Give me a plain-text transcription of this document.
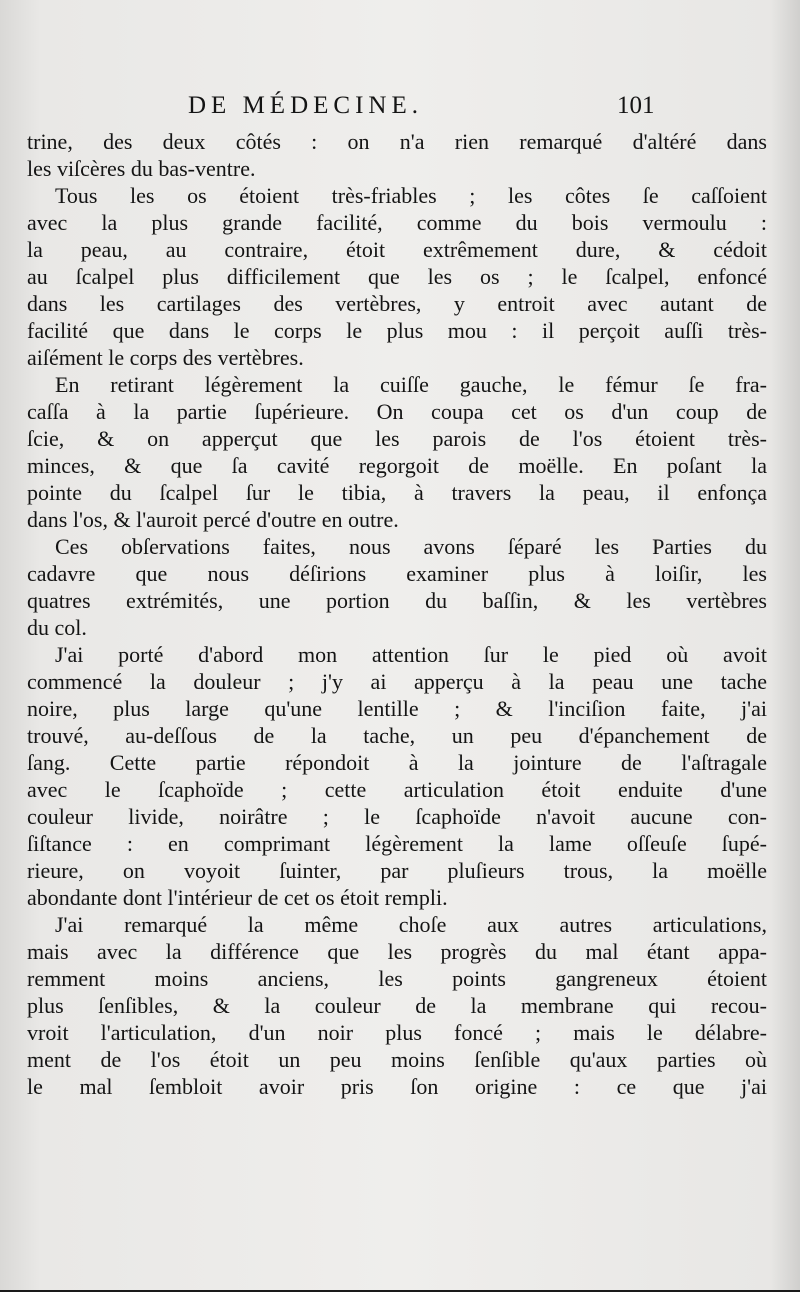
DE MÉDECINE.	101
trine, des deux côtés : on n'a rien remarqué d'altéré dans
les viſcères du bas-ventre.
Tous les os étoient très-friables ; les côtes ſe caſſoient
avec la plus grande facilité, comme du bois vermoulu :
la peau, au contraire, étoit extrêmement dure, & cédoit
au ſcalpel plus difficilement que les os ; le ſcalpel, enfoncé
dans les cartilages des vertèbres, y entroit avec autant de
facilité que dans le corps le plus mou : il perçoit auſſi très-
aiſément le corps des vertèbres.
En retirant légèrement la cuiſſe gauche, le fémur ſe fra-
caſſa à la partie ſupérieure. On coupa cet os d'un coup de
ſcie, & on apperçut que les parois de l'os étoient très-
minces, & que ſa cavité regorgoit de moëlle. En poſant la
pointe du ſcalpel ſur le tibia, à travers la peau, il enfonça
dans l'os, & l'auroit percé d'outre en outre.
Ces obſervations faites, nous avons ſéparé les Parties du
cadavre que nous déſirions examiner plus à loiſir, les
quatres extrémités, une portion du baſſin, & les vertèbres
du col.
J'ai porté d'abord mon attention ſur le pied où avoit
commencé la douleur ; j'y ai apperçu à la peau une tache
noire, plus large qu'une lentille ; & l'inciſion faite, j'ai
trouvé, au-deſſous de la tache, un peu d'épanchement de
ſang. Cette partie répondoit à la jointure de l'aſtragale
avec le ſcaphoïde ; cette articulation étoit enduite d'une
couleur livide, noirâtre ; le ſcaphoïde n'avoit aucune con-
ſiſtance : en comprimant légèrement la lame oſſeuſe ſupé-
rieure, on voyoit ſuinter, par pluſieurs trous, la moëlle
abondante dont l'intérieur de cet os étoit rempli.
J'ai remarqué la même choſe aux autres articulations,
mais avec la différence que les progrès du mal étant appa-
remment moins anciens, les points gangreneux étoient
plus ſenſibles, & la couleur de la membrane qui recou-
vroit l'articulation, d'un noir plus foncé ; mais le délabre-
ment de l'os étoit un peu moins ſenſible qu'aux parties où
le mal ſembloit avoir pris ſon origine : ce que j'ai
